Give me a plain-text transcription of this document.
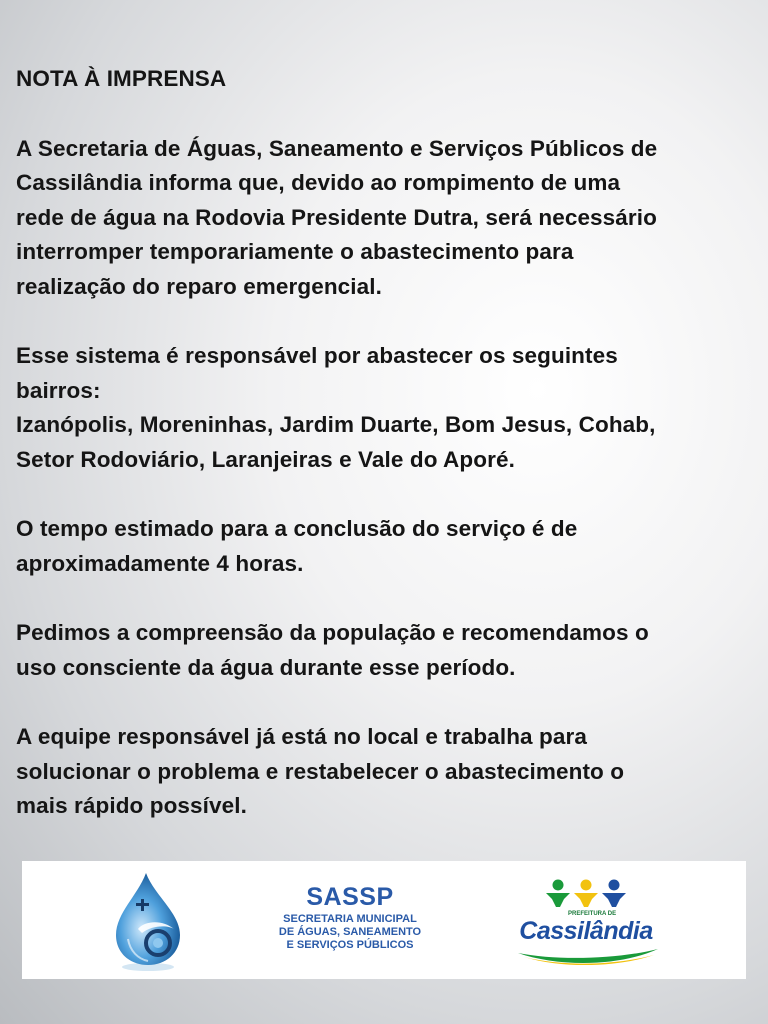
NOTA À IMPRENSA

A Secretaria de Águas, Saneamento e Serviços Públicos de
Cassilândia informa que, devido ao rompimento de uma
rede de água na Rodovia Presidente Dutra, será necessário
interromper temporariamente o abastecimento para
realização do reparo emergencial.

Esse sistema é responsável por abastecer os seguintes
bairros:
Izanópolis, Moreninhas, Jardim Duarte, Bom Jesus, Cohab,
Setor Rodoviário, Laranjeiras e Vale do Aporé.

O tempo estimado para a conclusão do serviço é de
aproximadamente 4 horas.

Pedimos a compreensão da população e recomendamos o
uso consciente da água durante esse período.

A equipe responsável já está no local e trabalha para
solucionar o problema e restabelecer o abastecimento o
mais rápido possível.

SASSP
SECRETARIA MUNICIPAL
DE ÁGUAS, SANEAMENTO
E SERVIÇOS PÚBLICOS
PREFEITURA DE
Cassilândia
